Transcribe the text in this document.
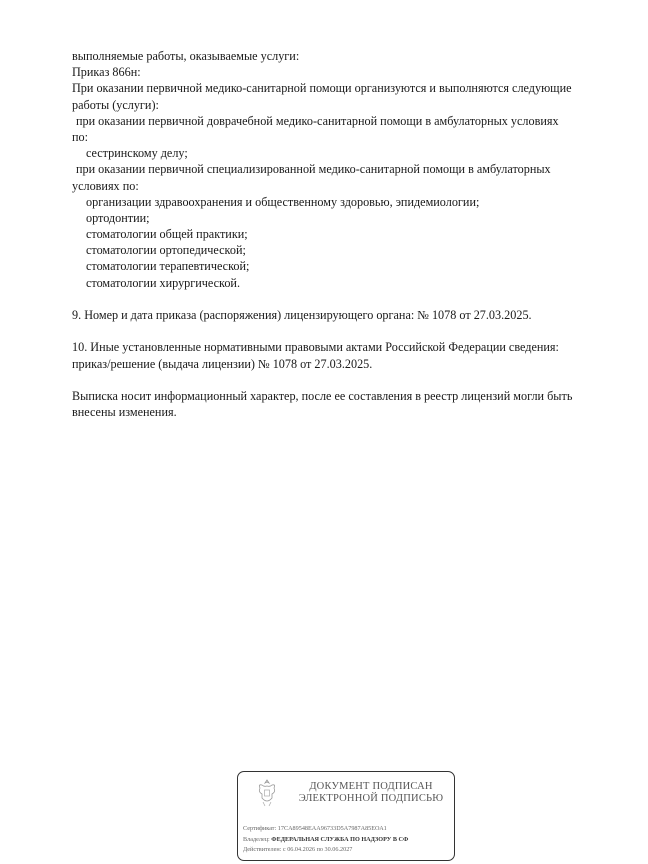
выполняемые работы, оказываемые услуги:
Приказ 866н:
При оказании первичной медико-санитарной помощи организуются и выполняются следующие
работы (услуги):
при оказании первичной доврачебной медико-санитарной помощи в амбулаторных условиях
по:
сестринскому делу;
при оказании первичной специализированной медико-санитарной помощи в амбулаторных
условиях по:
организации здравоохранения и общественному здоровью, эпидемиологии;
ортодонтии;
стоматологии общей практики;
стоматологии ортопедической;
стоматологии терапевтической;
стоматологии хирургической.
9. Номер и дата приказа (распоряжения) лицензирующего органа: № 1078 от 27.03.2025.
10. Иные установленные нормативными правовыми актами Российской Федерации сведения:
приказ/решение (выдача лицензии) № 1078 от 27.03.2025.
Выписка носит информационный характер, после ее составления в реестр лицензий могли быть
внесены изменения.
ДОКУМЕНТ ПОДПИСАН
ЭЛЕКТРОННОЙ ПОДПИСЬЮ
Сертификат: 17CA89548ЕАА96733D5А7987А85ЕОА1
Владелец: ФЕДЕРАЛЬНАЯ СЛУЖБА ПО НАДЗОРУ В СФ
Действителен: с 06.04.2026 по 30.06.2027
